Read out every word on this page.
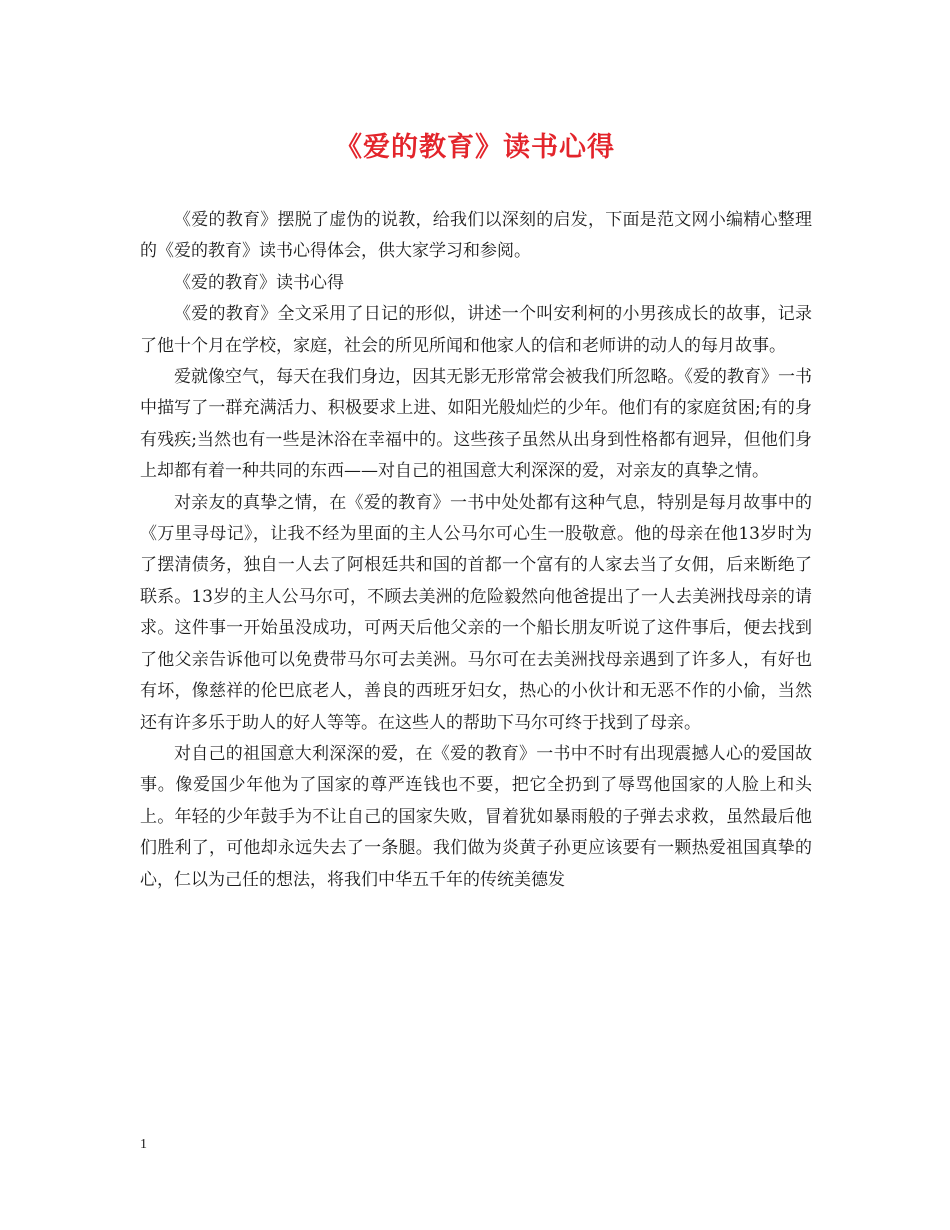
《爱的教育》读书心得

《爱的教育》摆脱了虚伪的说教，给我们以深刻的启发，下面是范文网小编精心整理的《爱的教育》读书心得体会，供大家学习和参阅。

《爱的教育》读书心得

《爱的教育》全文采用了日记的形似，讲述一个叫安利柯的小男孩成长的故事，记录了他十个月在学校，家庭，社会的所见所闻和他家人的信和老师讲的动人的每月故事。

爱就像空气，每天在我们身边，因其无影无形常常会被我们所忽略。《爱的教育》一书中描写了一群充满活力、积极要求上进、如阳光般灿烂的少年。他们有的家庭贫困;有的身有残疾;当然也有一些是沐浴在幸福中的。这些孩子虽然从出身到性格都有迥异，但他们身上却都有着一种共同的东西——对自己的祖国意大利深深的爱，对亲友的真挚之情。

对亲友的真挚之情，在《爱的教育》一书中处处都有这种气息，特别是每月故事中的《万里寻母记》，让我不经为里面的主人公马尔可心生一股敬意。他的母亲在他13岁时为了摆清债务，独自一人去了阿根廷共和国的首都一个富有的人家去当了女佣，后来断绝了联系。13岁的主人公马尔可，不顾去美洲的危险毅然向他爸提出了一人去美洲找母亲的请求。这件事一开始虽没成功，可两天后他父亲的一个船长朋友听说了这件事后，便去找到了他父亲告诉他可以免费带马尔可去美洲。马尔可在去美洲找母亲遇到了许多人，有好也有坏，像慈祥的伦巴底老人，善良的西班牙妇女，热心的小伙计和无恶不作的小偷，当然还有许多乐于助人的好人等等。在这些人的帮助下马尔可终于找到了母亲。

对自己的祖国意大利深深的爱，在《爱的教育》一书中不时有出现震撼人心的爱国故事。像爱国少年他为了国家的尊严连钱也不要，把它全扔到了辱骂他国家的人脸上和头上。年轻的少年鼓手为不让自己的国家失败，冒着犹如暴雨般的子弹去求救，虽然最后他们胜利了，可他却永远失去了一条腿。我们做为炎黄子孙更应该要有一颗热爱祖国真挚的心，仁以为己任的想法，将我们中华五千年的传统美德发

1
